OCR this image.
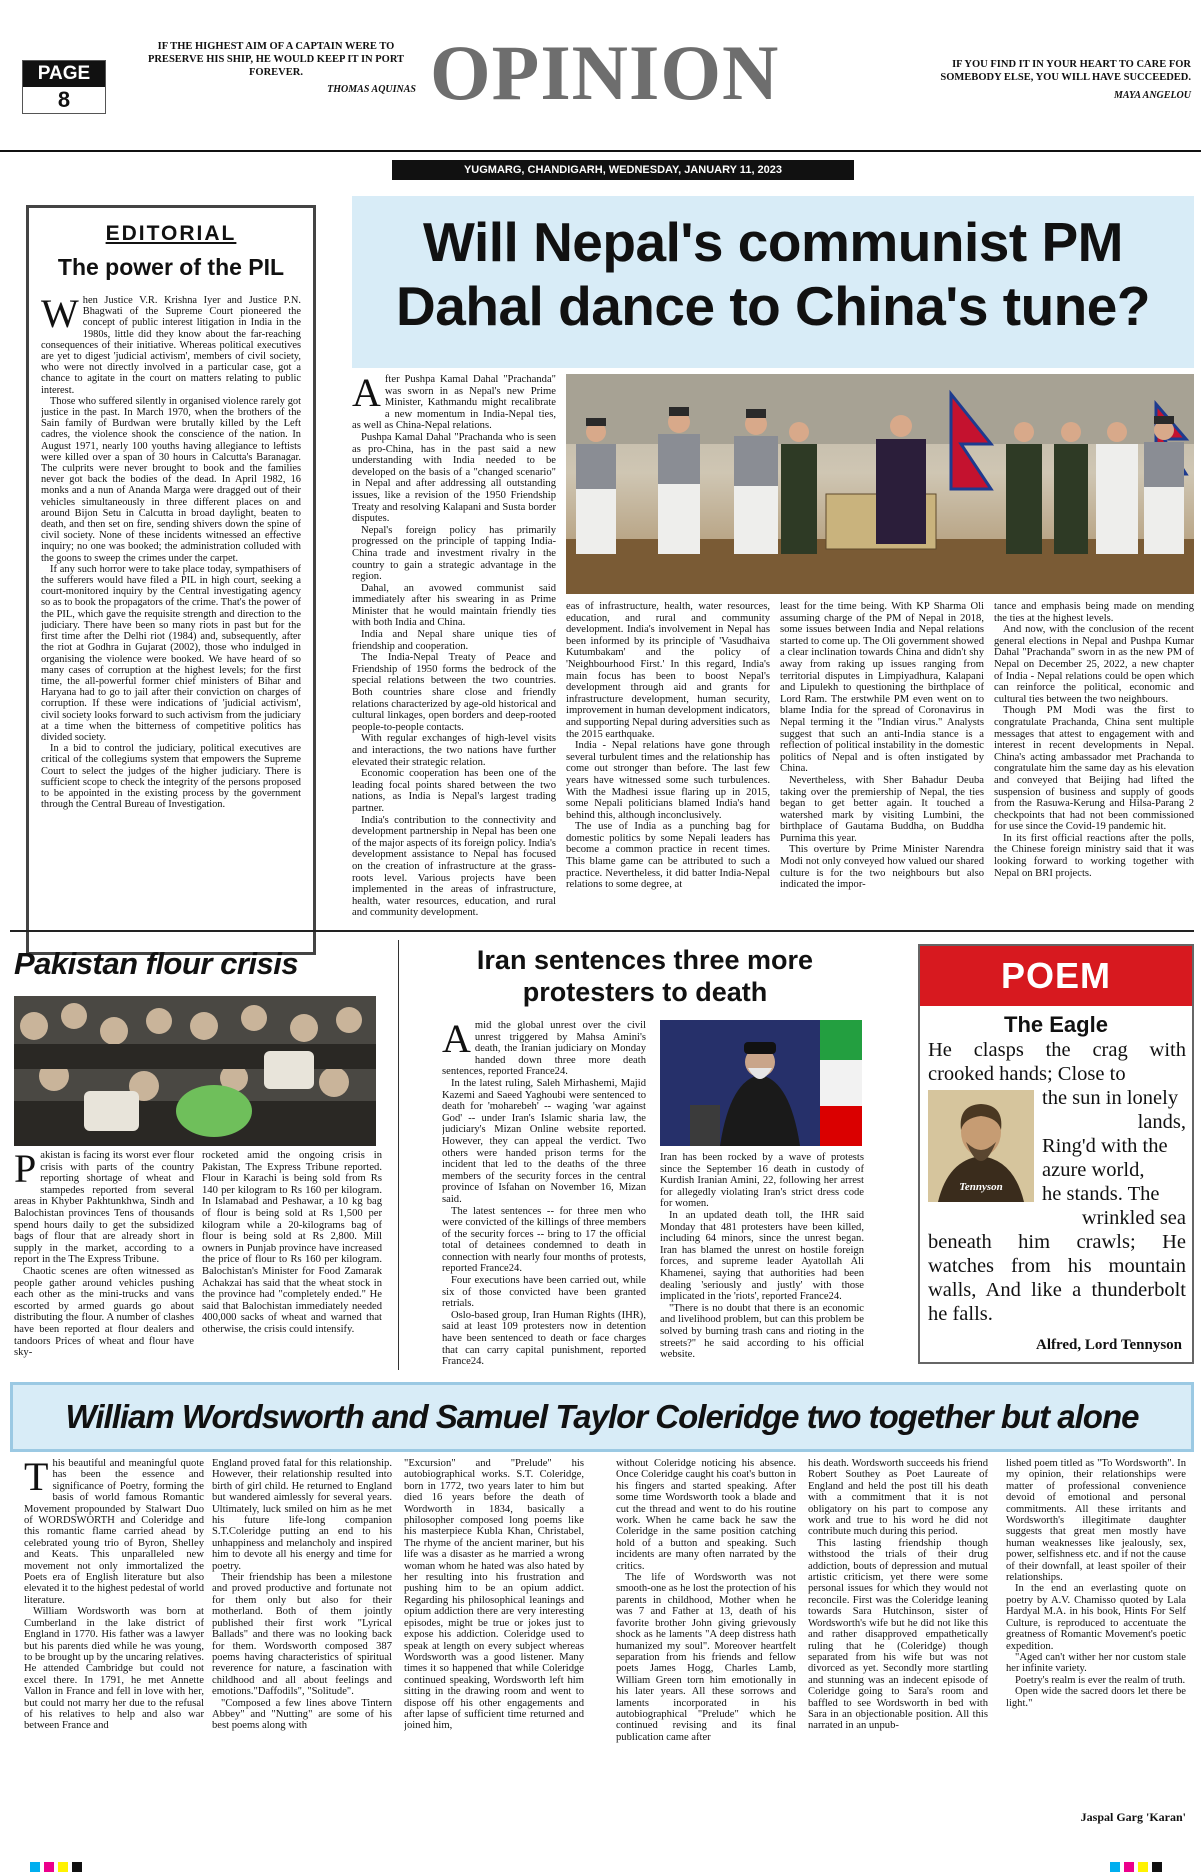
PAGE
8
IF THE HIGHEST AIM OF A CAPTAIN WERE TO PRESERVE HIS SHIP, HE WOULD KEEP IT IN PORT FOREVER.
THOMAS AQUINAS OPINION	IF YOU FIND IT IN YOUR HEART TO CARE FOR SOMEBODY ELSE, YOU WILL HAVE SUCCEEDED.
MAYA ANGELOU
YUGMARG, CHANDIGARH, WEDNESDAY, JANUARY 11, 2023
EDITORIAL
The power of the PIL
W hen Justice V.R. Krishna Iyer and Justice P.N. Bhagwati of the Supreme Court pioneered the concept of public interest litigation in India in the 1980s, little did they know about the far-reaching consequences of their initiative. Whereas political executives are yet to digest 'judicial activism', members of civil society, who were not directly involved in a particular case, got a chance to agitate in the court on matters relating to public interest.

Those who suffered silently in organised violence rarely got justice in the past. In March 1970, when the brothers of the Sain family of Burdwan were brutally killed by the Left cadres, the violence shook the conscience of the nation. In August 1971, nearly 100 youths having allegiance to leftists were killed over a span of 30 hours in Calcutta's Baranagar. The culprits were never brought to book and the families never got back the bodies of the dead. In April 1982, 16 monks and a nun of Ananda Marga were dragged out of their vehicles simultaneously in three different places on and around Bijon Setu in Calcutta in broad daylight, beaten to death, and then set on fire, sending shivers down the spine of civil society. None of these incidents witnessed an effective inquiry; no one was booked; the administration colluded with the goons to sweep the crimes under the carpet.

If any such horror were to take place today, sympathisers of the sufferers would have filed a PIL in high court, seeking a court-monitored inquiry by the Central investigating agency so as to book the propagators of the crime. That's the power of the PIL, which gave the requisite strength and direction to the judiciary. There have been so many riots in past but for the first time after the Delhi riot (1984) and, subsequently, after the riot at Godhra in Gujarat (2002), those who indulged in organising the violence were booked. We have heard of so many cases of corruption at the highest levels; for the first time, the all-powerful former chief ministers of Bihar and Haryana had to go to jail after their conviction on charges of corruption. If these were indications of 'judicial activism', civil society looks forward to such activism from the judiciary at a time when the bitterness of competitive politics has divided society.

In a bid to control the judiciary, political executives are critical of the collegiums system that empowers the Supreme Court to select the judges of the higher judiciary. There is sufficient scope to check the integrity of the persons proposed to be appointed in the existing process by the government through the Central Bureau of Investigation.

Will Nepal's communist PM Dahal dance to China's tune?
A fter Pushpa Kamal Dahal "Prachanda" was sworn in as Nepal's new Prime Minister, Kathmandu might recalibrate a new momentum in India-Nepal ties, as well as China-Nepal relations.

Pushpa Kamal Dahal "Prachanda who is seen as pro-China, has in the past said a new understanding with India needed to be developed on the basis of a "changed scenario" in Nepal and after addressing all outstanding issues, like a revision of the 1950 Friendship Treaty and resolving Kalapani and Susta border disputes.

Nepal's foreign policy has primarily progressed on the principle of tapping India-China trade and investment rivalry in the country to gain a strategic advantage in the region.

Dahal, an avowed communist said immediately after his swearing in as Prime Minister that he would maintain friendly ties with both India and China.

India and Nepal share unique ties of friendship and cooperation.

The India-Nepal Treaty of Peace and Friendship of 1950 forms the bedrock of the special relations between the two countries. Both countries share close and friendly relations characterized by age-old historical and cultural linkages, open borders and deep-rooted people-to-people contacts.

With regular exchanges of high-level visits and interactions, the two nations have further elevated their strategic relation.

Economic cooperation has been one of the leading focal points shared between the two nations, as India is Nepal's largest trading partner.

India's contribution to the connectivity and development partnership in Nepal has been one of the major aspects of its foreign policy. India's development assistance to Nepal has focused on the creation of infrastructure at the grass-roots level. Various projects have been implemented in the areas of infrastructure, health, water resources, education, and rural and community development.

eas of infrastructure, health, water resources, education, and rural and community development. India's involvement in Nepal has been informed by its principle of 'Vasudhaiva Kutumbakam' and the policy of 'Neighbourhood First.' In this regard, India's main focus has been to boost Nepal's development through aid and grants for infrastructure development, human security, improvement in human development indicators, and supporting Nepal during adversities such as the 2015 earthquake.

India - Nepal relations have gone through several turbulent times and the relationship has come out stronger than before. The last few years have witnessed some such turbulences. With the Madhesi issue flaring up in 2015, some Nepali politicians blamed India's hand behind this, although inconclusively.

The use of India as a punching bag for domestic politics by some Nepali leaders has become a common practice in recent times. This blame game can be attributed to such a practice. Nevertheless, it did batter India-Nepal relations to some degree, at

least for the time being. With KP Sharma Oli assuming charge of the PM of Nepal in 2018, some issues between India and Nepal relations started to come up. The Oli government showed a clear inclination towards China and didn't shy away from raking up issues ranging from territorial disputes in Limpiyadhura, Kalapani and Lipulekh to questioning the birthplace of Lord Ram. The erstwhile PM even went on to blame India for the spread of Coronavirus in Nepal terming it the "Indian virus." Analysts suggest that such an anti-India stance is a reflection of political instability in the domestic politics of Nepal and is often instigated by China.

Nevertheless, with Sher Bahadur Deuba taking over the premiership of Nepal, the ties began to get better again. It touched a watershed mark by visiting Lumbini, the birthplace of Gautama Buddha, on Buddha Purnima this year.

This overture by Prime Minister Narendra Modi not only conveyed how valued our shared culture is for the two neighbours but also indicated the impor-

tance and emphasis being made on mending the ties at the highest levels.

And now, with the conclusion of the recent general elections in Nepal and Pushpa Kumar Dahal "Prachanda" sworn in as the new PM of Nepal on December 25, 2022, a new chapter of India - Nepal relations could be open which can reinforce the political, economic and cultural ties between the two neighbours.

Though PM Modi was the first to congratulate Prachanda, China sent multiple messages that attest to engagement with and interest in recent developments in Nepal. China's acting ambassador met Prachanda to congratulate him the same day as his elevation and conveyed that Beijing had lifted the suspension of business and supply of goods from the Rasuwa-Kerung and Hilsa-Parang 2 checkpoints that had not been commissioned for use since the Covid-19 pandemic hit.

In its first official reactions after the polls, the Chinese foreign ministry said that it was looking forward to working together with Nepal on BRI projects.

Pakistan flour crisis
P akistan is facing its worst ever flour crisis with parts of the country reporting shortage of wheat and stampedes reported from several areas in Khyber Pakhtunkhwa, Sindh and Balochistan provinces Tens of thousands spend hours daily to get the subsidized bags of flour that are already short in supply in the market, according to a report in the The Express Tribune.

Chaotic scenes are often witnessed as people gather around vehicles pushing each other as the mini-trucks and vans escorted by armed guards go about distributing the flour. A number of clashes have been reported at flour dealers and tandoors Prices of wheat and flour have sky-

rocketed amid the ongoing crisis in Pakistan, The Express Tribune reported. Flour in Karachi is being sold from Rs 140 per kilogram to Rs 160 per kilogram. In Islamabad and Peshawar, a 10 kg bag of flour is being sold at Rs 1,500 per kilogram while a 20-kilograms bag of flour is being sold at Rs 2,800. Mill owners in Punjab province have increased the price of flour to Rs 160 per kilogram. Balochistan's Minister for Food Zamarak Achakzai has said that the wheat stock in the province had "completely ended." He said that Balochistan immediately needed 400,000 sacks of wheat and warned that otherwise, the crisis could intensify.

Iran sentences three more protesters to death
A mid the global unrest over the civil unrest triggered by Mahsa Amini's death, the Iranian judiciary on Monday handed down three more death sentences, reported France24.

In the latest ruling, Saleh Mirhashemi, Majid Kazemi and Saeed Yaghoubi were sentenced to death for 'moharebeh' -- waging 'war against God' -- under Iran's Islamic sharia law, the judiciary's Mizan Online website reported. However, they can appeal the verdict. Two others were handed prison terms for the incident that led to the deaths of the three members of the security forces in the central province of Isfahan on November 16, Mizan said.

The latest sentences -- for three men who were convicted of the killings of three members of the security forces -- bring to 17 the official total of detainees condemned to death in connection with nearly four months of protests, reported France24.

Four executions have been carried out, while six of those convicted have been granted retrials.

Oslo-based group, Iran Human Rights (IHR), said at least 109 protesters now in detention have been sentenced to death or face charges that can carry capital punishment, reported France24.

Iran has been rocked by a wave of protests since the September 16 death in custody of Kurdish Iranian Amini, 22, following her arrest for allegedly violating Iran's strict dress code for women.

In an updated death toll, the IHR said Monday that 481 protesters have been killed, including 64 minors, since the unrest began. Iran has blamed the unrest on hostile foreign forces, and supreme leader Ayatollah Ali Khamenei, saying that authorities had been dealing 'seriously and justly' with those implicated in the 'riots', reported France24.

"There is no doubt that there is an economic and livelihood problem, but can this problem be solved by burning trash cans and rioting in the streets?" he said according to his official website.

POEM
The Eagle
He clasps the crag with crooked hands; Close to
Tennyson
the sun in lonely
lands,
Ring'd with the
azure world,
he stands. The
wrinkled sea
beneath him crawls; He watches from his mountain walls, And like a thunderbolt he falls.
Alfred, Lord Tennyson
William Wordsworth and Samuel Taylor Coleridge two together but alone
T his beautiful and meaningful quote has been the essence and significance of Poetry, forming the basis of world famous Romantic Movement propounded by Stalwart Duo of WORDSWORTH and Coleridge and this romantic flame carried ahead by celebrated young trio of Byron, Shelley and Keats. This unparalleled new movement not only immortalized the Poets era of English literature but also elevated it to the highest pedestal of world literature.

William Wordsworth was born at Cumberland in the lake district of England in 1770. His father was a lawyer but his parents died while he was young, to be brought up by the uncaring relatives. He attended Cambridge but could not excel there. In 1791, he met Annette Vallon in France and fell in love with her, but could not marry her due to the refusal of his relatives to help and also war between France and

England proved fatal for this relationship. However, their relationship resulted into birth of girl child. He returned to England but wandered aimlessly for several years. Ultimately, luck smiled on him as he met his future life-long companion S.T.Coleridge putting an end to his unhappiness and melancholy and inspired him to devote all his energy and time for poetry.

Their friendship has been a milestone and proved productive and fortunate not for them only but also for their motherland. Both of them jointly published their first work "Lyrical Ballads" and there was no looking back for them. Wordsworth composed 387 poems having characteristics of spiritual reverence for nature, a fascination with childhood and all about feelings and emotions."Daffodils", "Solitude".

"Composed a few lines above Tintern Abbey" and "Nutting" are some of his best poems along with

"Excursion" and "Prelude" his autobiographical works. S.T. Coleridge, born in 1772, two years later to him but died 16 years before the death of Wordworth in 1834, basically a philosopher composed long poems like his masterpiece Kubla Khan, Christabel, The rhyme of the ancient mariner, but his life was a disaster as he married a wrong woman whom he hated was also hated by her resulting into his frustration and pushing him to be an opium addict. Regarding his philosophical leanings and opium addiction there are very interesting episodes, might be true or jokes just to expose his addiction. Coleridge used to speak at length on every subject whereas Wordsworth was a good listener. Many times it so happened that while Coleridge continued speaking, Wordsworth left him sitting in the drawing room and went to dispose off his other engagements and after lapse of sufficient time returned and joined him,

without Coleridge noticing his absence. Once Coleridge caught his coat's button in his fingers and started speaking. After some time Wordsworth took a blade and cut the thread and went to do his routine work. When he came back he saw the Coleridge in the same position catching hold of a button and speaking. Such incidents are many often narrated by the critics.

The life of Wordsworth was not smooth-one as he lost the protection of his parents in childhood, Mother when he was 7 and Father at 13, death of his favorite brother John giving grievously shock as he laments "A deep distress hath humanized my soul". Moreover heartfelt separation from his friends and fellow poets James Hogg, Charles Lamb, William Green torn him emotionally in his later years. All these sorrows and laments incorporated in his autobiographical "Prelude" which he continued revising and its final publication came after

his death. Wordsworth succeeds his friend Robert Southey as Poet Laureate of England and held the post till his death with a commitment that it is not obligatory on his part to compose any work and true to his word he did not contribute much during this period.

This lasting friendship though withstood the trials of their drug addiction, bouts of depression and mutual artistic criticism, yet there were some personal issues for which they would not reconcile. First was the Coleridge leaning towards Sara Hutchinson, sister of Wordsworth's wife but he did not like this and rather disapproved empathetically ruling that he (Coleridge) though separated from his wife but was not divorced as yet. Secondly more startling and stunning was an indecent episode of Coleridge going to Sara's room and baffled to see Wordsworth in bed with Sara in an objectionable position. All this narrated in an unpub-

lished poem titled as "To Wordsworth". In my opinion, their relationships were matter of professional convenience devoid of emotional and personal commitments. All these irritants and Wordsworth's illegitimate daughter suggests that great men mostly have human weaknesses like jealously, sex, power, selfishness etc. and if not the cause of their downfall, at least spoiler of their relationships.

In the end an everlasting quote on poetry by A.V. Chamisso quoted by Lala Hardyal M.A. in his book, Hints For Self Culture, is reproduced to accentuate the greatness of Romantic Movement's poetic expedition.

"Aged can't wither her nor custom stale her infinite variety.

Poetry's realm is ever the realm of truth.

Open wide the sacred doors let there be light."

Jaspal Garg 'Karan'
